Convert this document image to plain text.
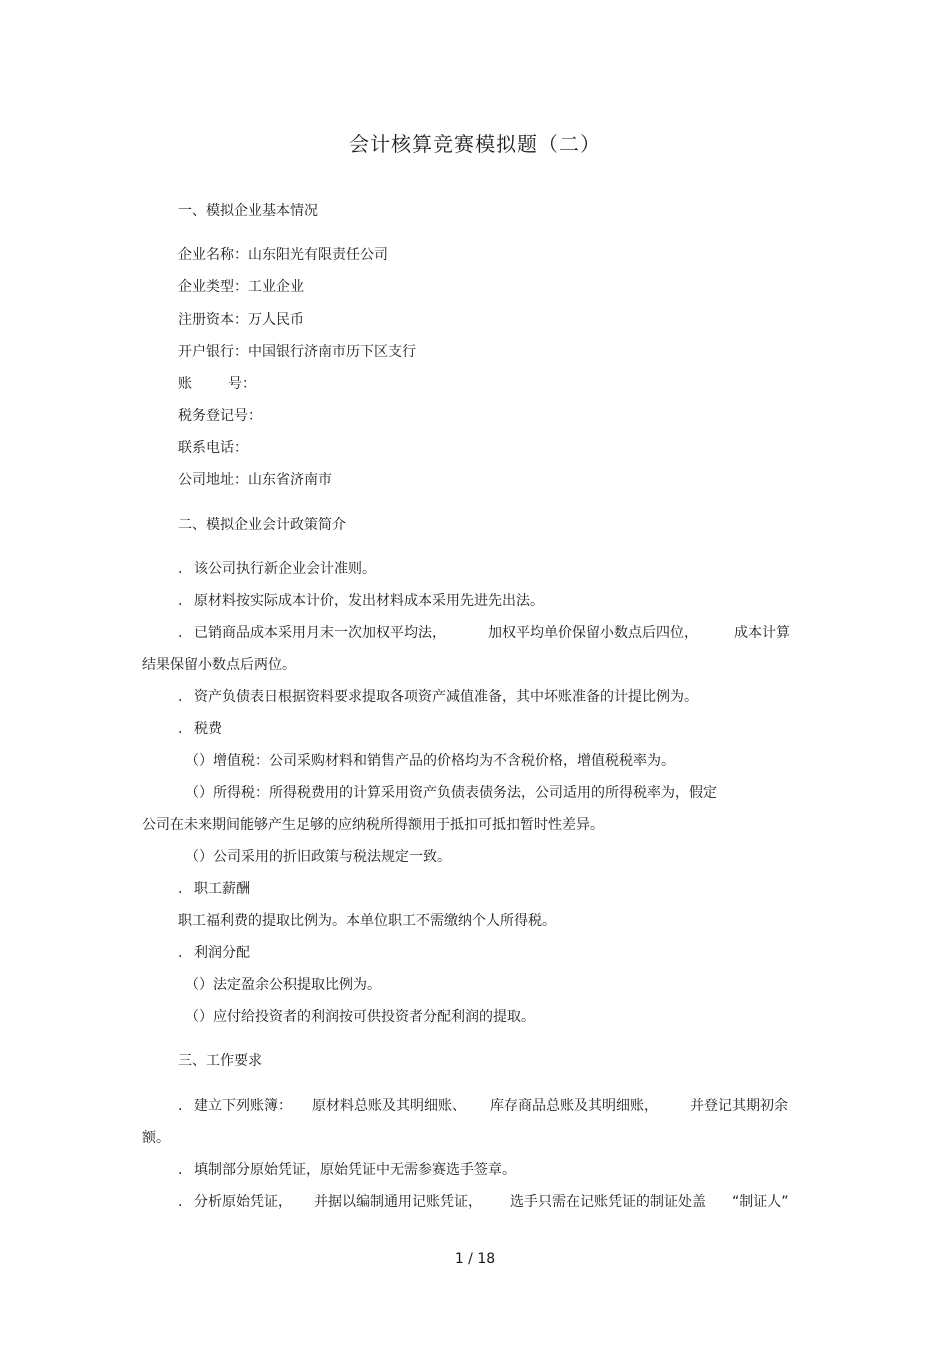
会计核算竞赛模拟题（二）
一、模拟企业基本情况
企业名称：山东阳光有限责任公司
企业类型：工业企业
注册资本：万人民币
开户银行：中国银行济南市历下区支行
账	号：
税务登记号：
联系电话：
公司地址：山东省济南市
二、模拟企业会计政策简介
. 该公司执行新企业会计准则。
. 原材料按实际成本计价，发出材料成本采用先进先出法。
. 已销商品成本采用月末一次加权平均法，	加权平均单价保留小数点后四位，	成本计算
结果保留小数点后两位。
. 资产负债表日根据资料要求提取各项资产减值准备，其中坏账准备的计提比例为。
. 税费
（）增值税：公司采购材料和销售产品的价格均为不含税价格，增值税税率为。
（）所得税：所得税费用的计算采用资产负债表债务法，公司适用的所得税率为，假定
公司在未来期间能够产生足够的应纳税所得额用于抵扣可抵扣暂时性差异。
（）公司采用的折旧政策与税法规定一致。
. 职工薪酬
职工福利费的提取比例为。本单位职工不需缴纳个人所得税。
. 利润分配
（）法定盈余公积提取比例为。
（）应付给投资者的利润按可供投资者分配利润的提取。
三、工作要求
. 建立下列账簿： 原材料总账及其明细账、 库存商品总账及其明细账， 并登记其期初余
额。
. 填制部分原始凭证，原始凭证中无需参赛选手签章。
. 分析原始凭证， 并据以编制通用记账凭证， 选手只需在记账凭证的制证处盖 “制证人”
1 / 18
